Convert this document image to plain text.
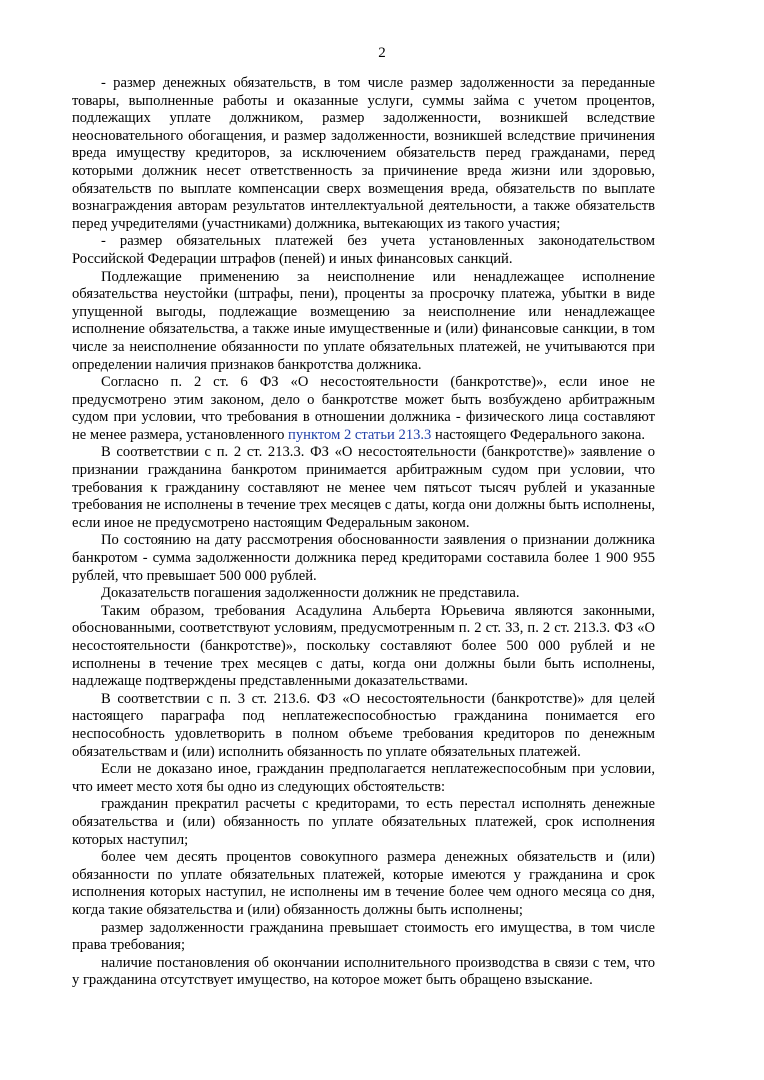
2

- размер денежных обязательств, в том числе размер задолженности за переданные товары, выполненные работы и оказанные услуги, суммы займа с учетом процентов, подлежащих уплате должником, размер задолженности, возникшей вследствие неосновательного обогащения, и размер задолженности, возникшей вследствие причинения вреда имуществу кредиторов, за исключением обязательств перед гражданами, перед которыми должник несет ответственность за причинение вреда жизни или здоровью, обязательств по выплате компенсации сверх возмещения вреда, обязательств по выплате вознаграждения авторам результатов интеллектуальной деятельности, а также обязательств перед учредителями (участниками) должника, вытекающих из такого участия;

- размер обязательных платежей без учета установленных законодательством Российской Федерации штрафов (пеней) и иных финансовых санкций.

Подлежащие применению за неисполнение или ненадлежащее исполнение обязательства неустойки (штрафы, пени), проценты за просрочку платежа, убытки в виде упущенной выгоды, подлежащие возмещению за неисполнение или ненадлежащее исполнение обязательства, а также иные имущественные и (или) финансовые санкции, в том числе за неисполнение обязанности по уплате обязательных платежей, не учитываются при определении наличия признаков банкротства должника.

Согласно п. 2 ст. 6 ФЗ «О несостоятельности (банкротстве)», если иное не предусмотрено этим законом, дело о банкротстве может быть возбуждено арбитражным судом при условии, что требования в отношении должника - физического лица составляют не менее размера, установленного пунктом 2 статьи 213.3 настоящего Федерального закона.

В соответствии с п. 2 ст. 213.3. ФЗ «О несостоятельности (банкротстве)» заявление о признании гражданина банкротом принимается арбитражным судом при условии, что требования к гражданину составляют не менее чем пятьсот тысяч рублей и указанные требования не исполнены в течение трех месяцев с даты, когда они должны быть исполнены, если иное не предусмотрено настоящим Федеральным законом.

По состоянию на дату рассмотрения обоснованности заявления о признании должника банкротом - сумма задолженности должника перед кредиторами составила более 1 900 955 рублей, что превышает 500 000 рублей.

Доказательств погашения задолженности должник не представила.

Таким образом, требования Асадулина Альберта Юрьевича являются законными, обоснованными, соответствуют условиям, предусмотренным п. 2 ст. 33, п. 2 ст. 213.3. ФЗ «О несостоятельности (банкротстве)», поскольку составляют более 500 000 рублей и не исполнены в течение трех месяцев с даты, когда они должны были быть исполнены, надлежаще подтверждены представленными доказательствами.

В соответствии с п. 3 ст. 213.6. ФЗ «О несостоятельности (банкротстве)» для целей настоящего параграфа под неплатежеспособностью гражданина понимается его неспособность удовлетворить в полном объеме требования кредиторов по денежным обязательствам и (или) исполнить обязанность по уплате обязательных платежей.

Если не доказано иное, гражданин предполагается неплатежеспособным при условии, что имеет место хотя бы одно из следующих обстоятельств:

гражданин прекратил расчеты с кредиторами, то есть перестал исполнять денежные обязательства и (или) обязанность по уплате обязательных платежей, срок исполнения которых наступил;

более чем десять процентов совокупного размера денежных обязательств и (или) обязанности по уплате обязательных платежей, которые имеются у гражданина и срок исполнения которых наступил, не исполнены им в течение более чем одного месяца со дня, когда такие обязательства и (или) обязанность должны быть исполнены;

размер задолженности гражданина превышает стоимость его имущества, в том числе права требования;

наличие постановления об окончании исполнительного производства в связи с тем, что у гражданина отсутствует имущество, на которое может быть обращено взыскание.
